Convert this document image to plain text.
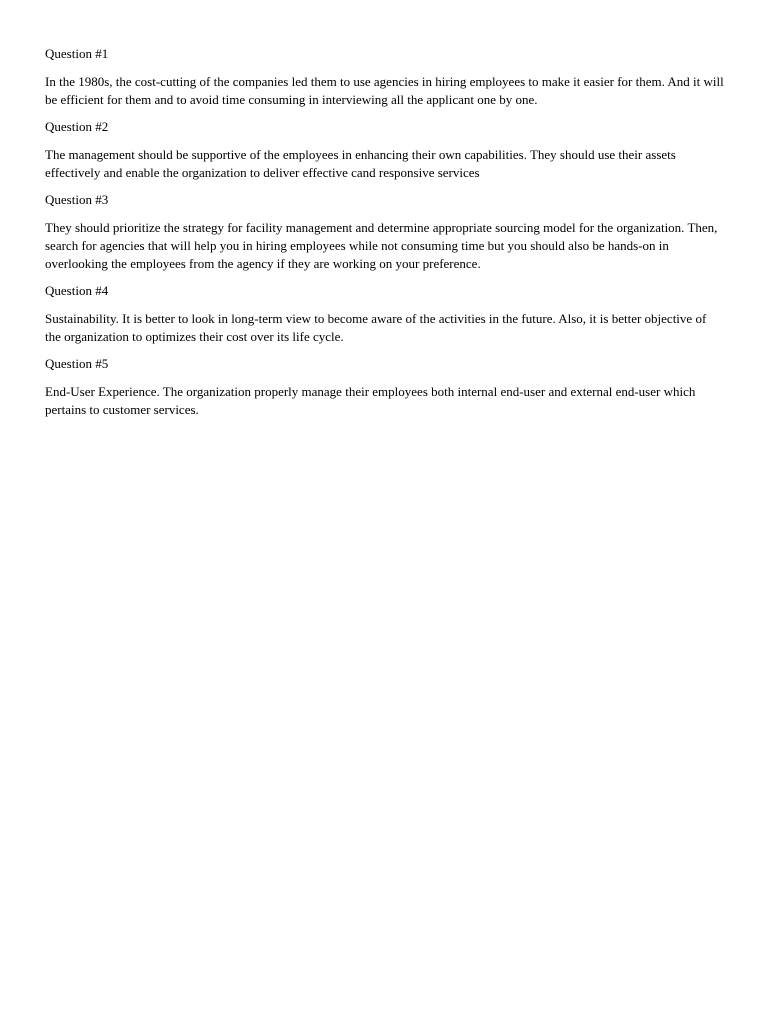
Question #1

In the 1980s, the cost-cutting of the companies led them to use agencies in hiring employees to make it easier for them. And it will be efficient for them and to avoid time consuming in interviewing all the applicant one by one.

Question #2

The management should be supportive of the employees in enhancing their own capabilities. They should use their assets effectively and enable the organization to deliver effective cand responsive services

Question #3

They should prioritize the strategy for facility management and determine appropriate sourcing model for the organization. Then, search for agencies that will help you in hiring employees while not consuming time but you should also be hands-on in overlooking the employees from the agency if they are working on your preference.

Question #4

Sustainability. It is better to look in long-term view to become aware of the activities in the future. Also, it is better objective of the organization to optimizes their cost over its life cycle.

Question #5

End-User Experience. The organization properly manage their employees both internal end-user and external end-user which pertains to customer services.
